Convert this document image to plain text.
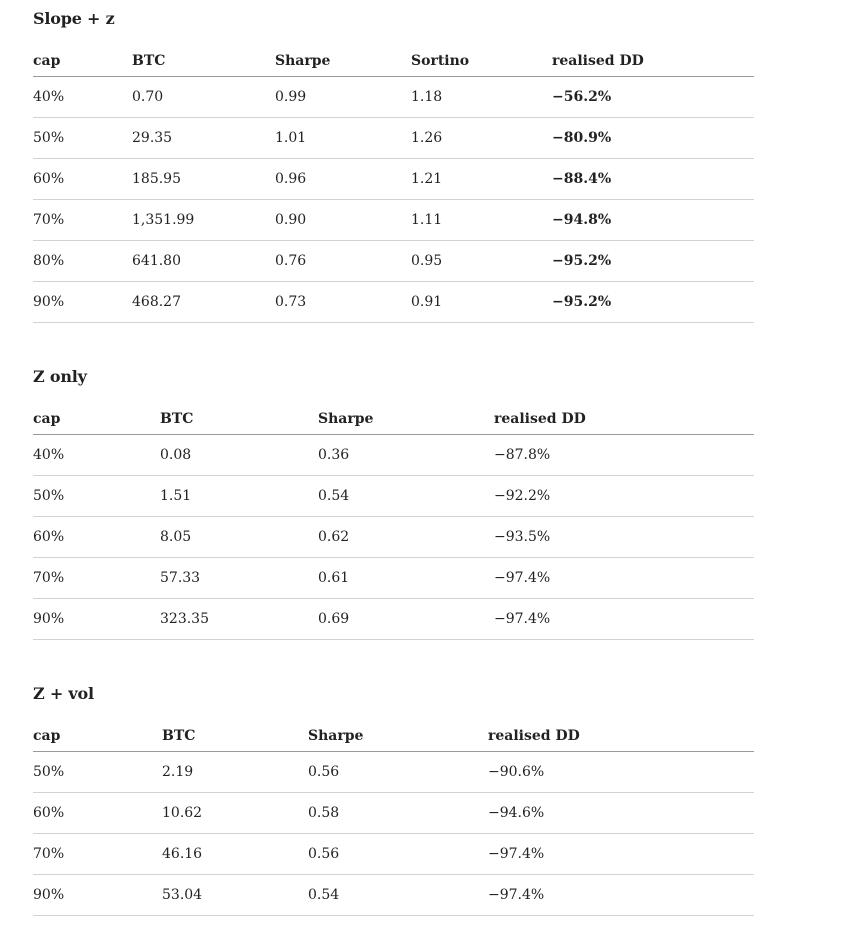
Slope + z
cap	BTC	Sharpe	Sortino	realised DD
40%	0.70	0.99	1.18	−56.2%
50%	29.35	1.01	1.26	−80.9%
60%	185.95	0.96	1.21	−88.4%
70%	1,351.99	0.90	1.11	−94.8%
80%	641.80	0.76	0.95	−95.2%
90%	468.27	0.73	0.91	−95.2%
Z only
cap	BTC	Sharpe	realised DD
40%	0.08	0.36	−87.8%
50%	1.51	0.54	−92.2%
60%	8.05	0.62	−93.5%
70%	57.33	0.61	−97.4%
90%	323.35	0.69	−97.4%
Z + vol
cap	BTC	Sharpe	realised DD
50%	2.19	0.56	−90.6%
60%	10.62	0.58	−94.6%
70%	46.16	0.56	−97.4%
90%	53.04	0.54	−97.4%
